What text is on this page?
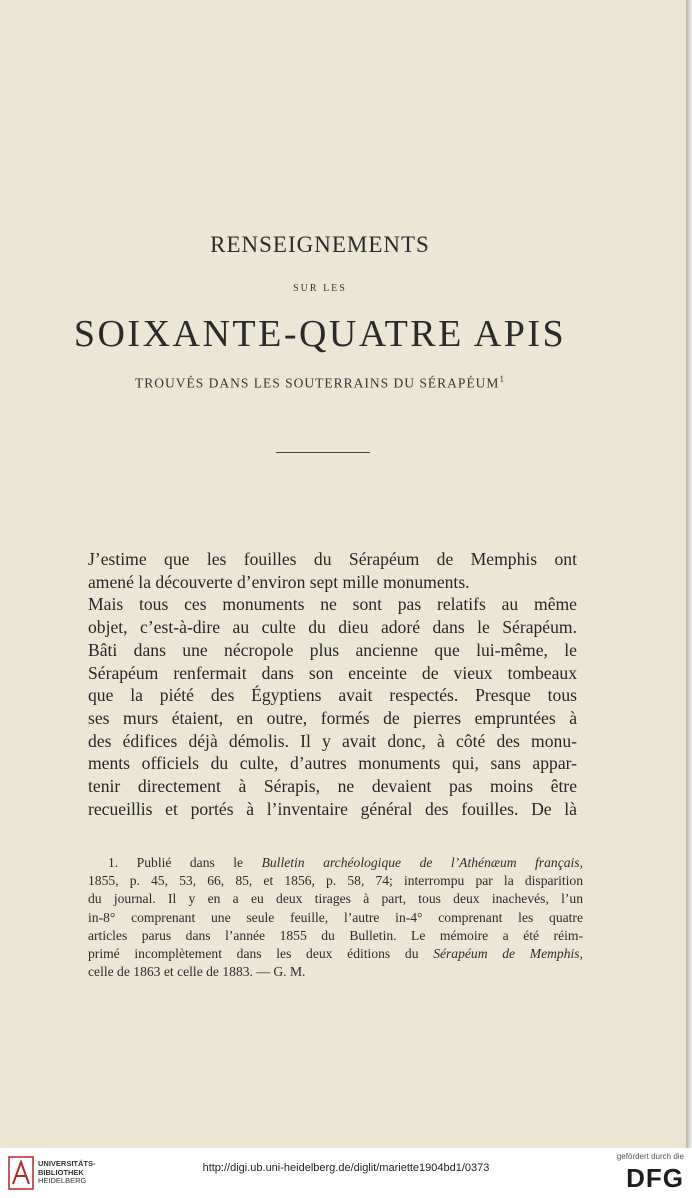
RENSEIGNEMENTS
SUR LES
SOIXANTE-QUATRE APIS
TROUVÉS DANS LES SOUTERRAINS DU SÉRAPÉUM$^1$
J’estime que les fouilles du Sérapéum de Memphis ont
amené la découverte d’environ sept mille monuments.
Mais tous ces monuments ne sont pas relatifs au même
objet, c’est-à-dire au culte du dieu adoré dans le Sérapéum.
Bâti dans une nécropole plus ancienne que lui-même, le
Sérapéum renfermait dans son enceinte de vieux tombeaux
que la piété des Égyptiens avait respectés. Presque tous
ses murs étaient, en outre, formés de pierres empruntées à
des édifices déjà démolis. Il y avait donc, à côté des monu-
ments officiels du culte, d’autres monuments qui, sans appar-
tenir directement à Sérapis, ne devaient pas moins être
recueillis et portés à l’inventaire général des fouilles. De là
1. Publié dans le Bulletin archéologique de l’Athénæum français,
1855, p. 45, 53, 66, 85, et 1856, p. 58, 74; interrompu par la disparition
du journal. Il y en a eu deux tirages à part, tous deux inachevés, l’un
in-8° comprenant une seule feuille, l’autre in-4° comprenant les quatre
articles parus dans l’année 1855 du Bulletin. Le mémoire a été réim-
primé incomplètement dans les deux éditions du Sérapéum de Memphis,
celle de 1863 et celle de 1883. — G. M.
UNIVERSITÄTS-
BIBLIOTHEK
HEIDELBERG
http://digi.ub.uni-heidelberg.de/diglit/mariette1904bd1/0373
gefördert durch die
DFG
